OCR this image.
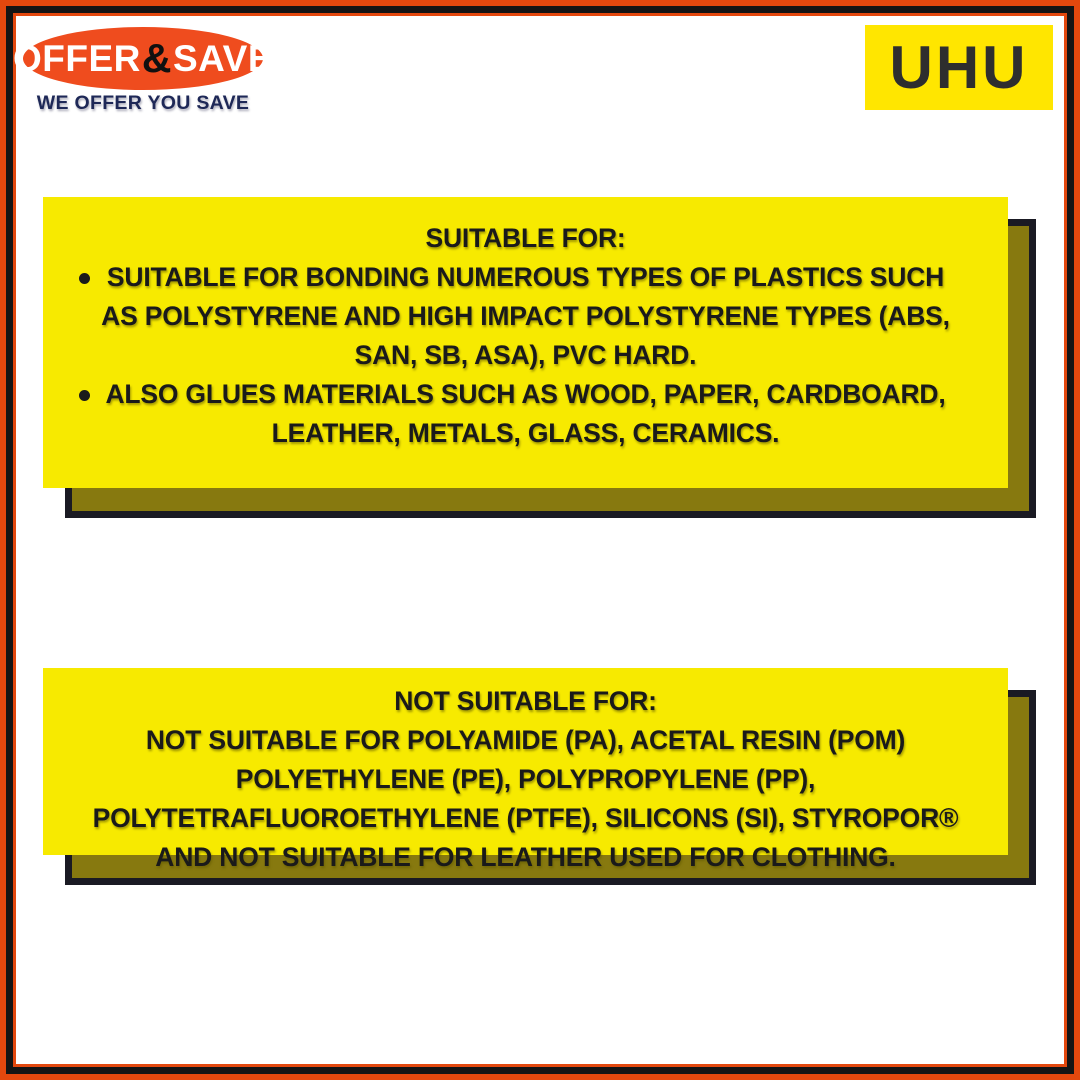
OFFER & SAVE
WE OFFER YOU SAVE
UHU

SUITABLE FOR:

SUITABLE FOR BONDING NUMEROUS TYPES OF PLASTICS SUCH AS POLYSTYRENE AND HIGH IMPACT POLYSTYRENE TYPES (ABS, SAN, SB, ASA), PVC HARD.

ALSO GLUES MATERIALS SUCH AS WOOD, PAPER, CARDBOARD, LEATHER, METALS, GLASS, CERAMICS.

NOT SUITABLE FOR:

NOT SUITABLE FOR POLYAMIDE (PA), ACETAL RESIN (POM) POLYETHYLENE (PE), POLYPROPYLENE (PP), POLYTETRAFLUOROETHYLENE (PTFE), SILICONS (SI), STYROPOR® AND NOT SUITABLE FOR LEATHER USED FOR CLOTHING.
